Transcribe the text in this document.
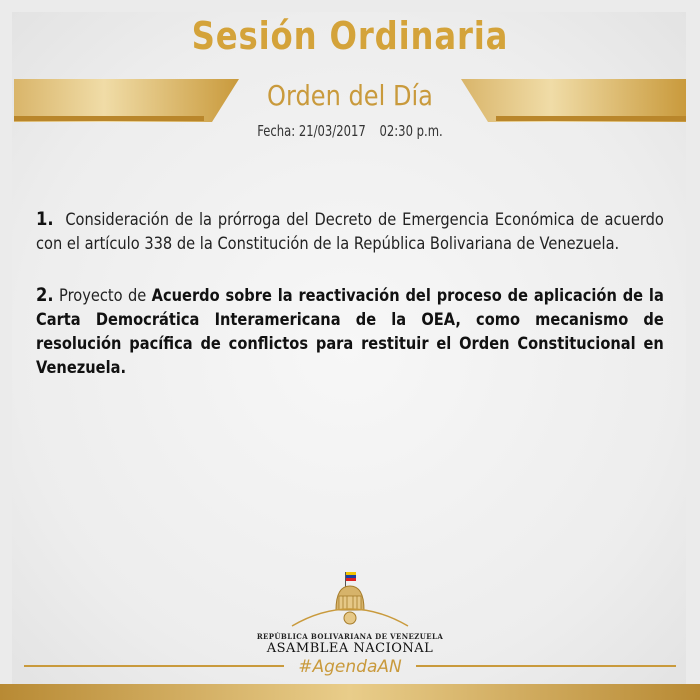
Sesión Ordinaria
Orden del Día
Fecha: 21/03/2017 02:30 p.m.
1. Consideración de la prórroga del Decreto de Emergencia Económica de acuerdo con el artículo 338 de la Constitución de la República Bolivariana de Venezuela.
2. Proyecto de Acuerdo sobre la reactivación del proceso de aplicación de la Carta Democrática Interamericana de la OEA, como mecanismo de resolución pacífica de conflictos para restituir el Orden Constitucional en Venezuela.
REPÚBLICA BOLIVARIANA DE VENEZUELA
ASAMBLEA NACIONAL
#AgendaAN
